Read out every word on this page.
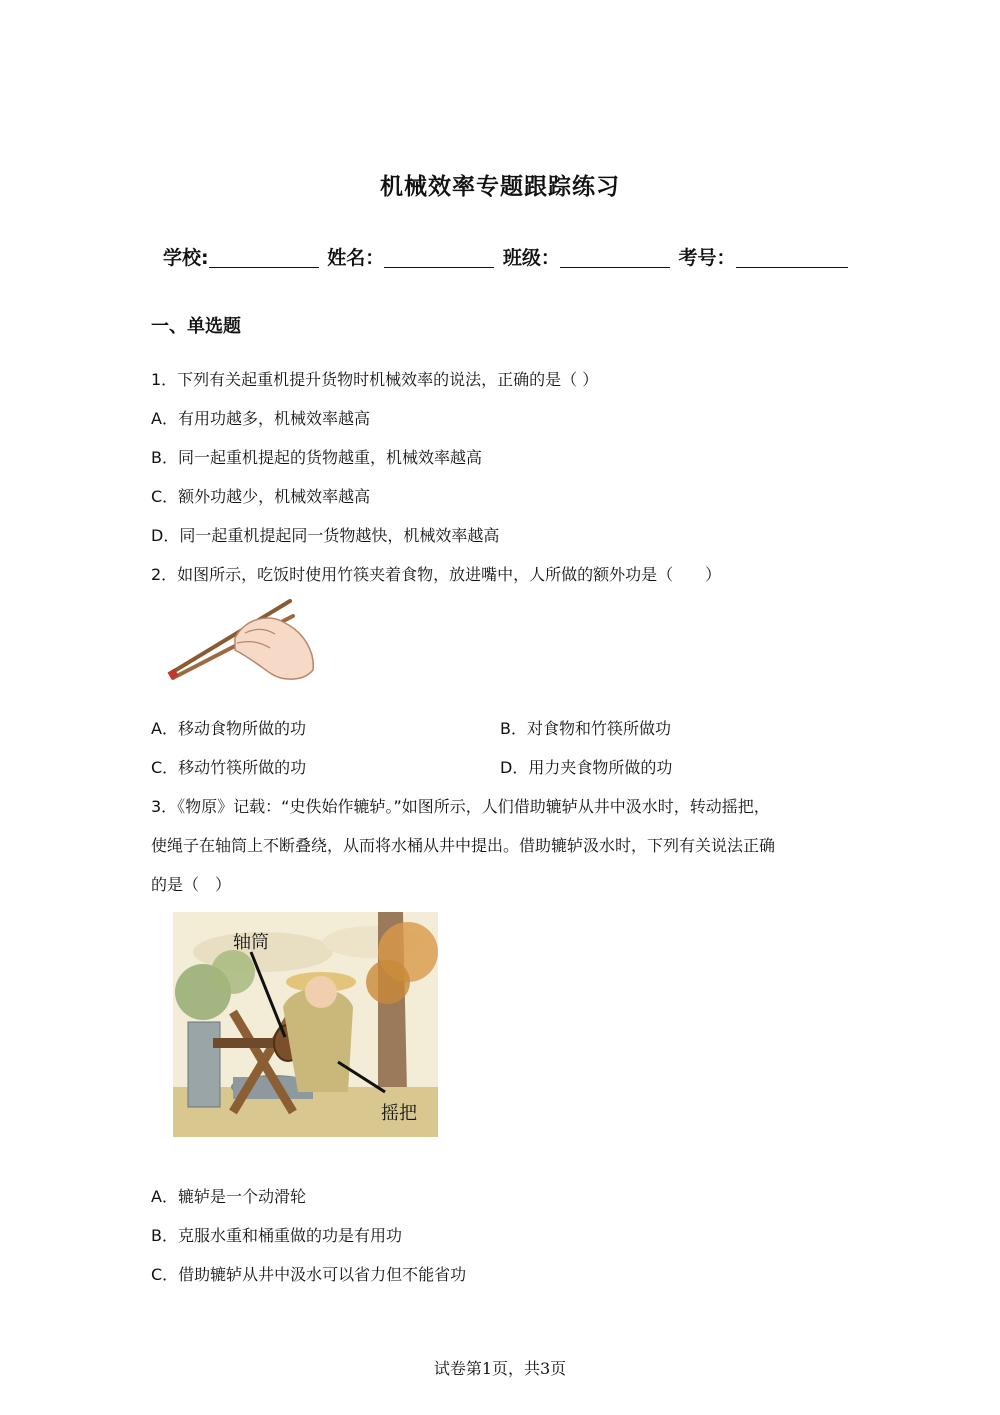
机械效率专题跟踪练习
学校:	姓名：	班级：	考号：
一、单选题
1．下列有关起重机提升货物时机械效率的说法，正确的是（ ）
A．有用功越多，机械效率越高
B．同一起重机提起的货物越重，机械效率越高
C．额外功越少，机械效率越高
D．同一起重机提起同一货物越快，机械效率越高
2．如图所示，吃饭时使用竹筷夹着食物，放进嘴中，人所做的额外功是（　　）
A．移动食物所做的功	B．对食物和竹筷所做功
C．移动竹筷所做的功	D．用力夹食物所做的功
3．《物原》记载：“史佚始作辘轳。”如图所示，人们借助辘轳从井中汲水时，转动摇把，
使绳子在轴筒上不断叠绕，从而将水桶从井中提出。借助辘轳汲水时，下列有关说法正确
的是（　）
轴筒
摇把
A．辘轳是一个动滑轮
B．克服水重和桶重做的功是有用功
C．借助辘轳从井中汲水可以省力但不能省功
试卷第1页，共3页
